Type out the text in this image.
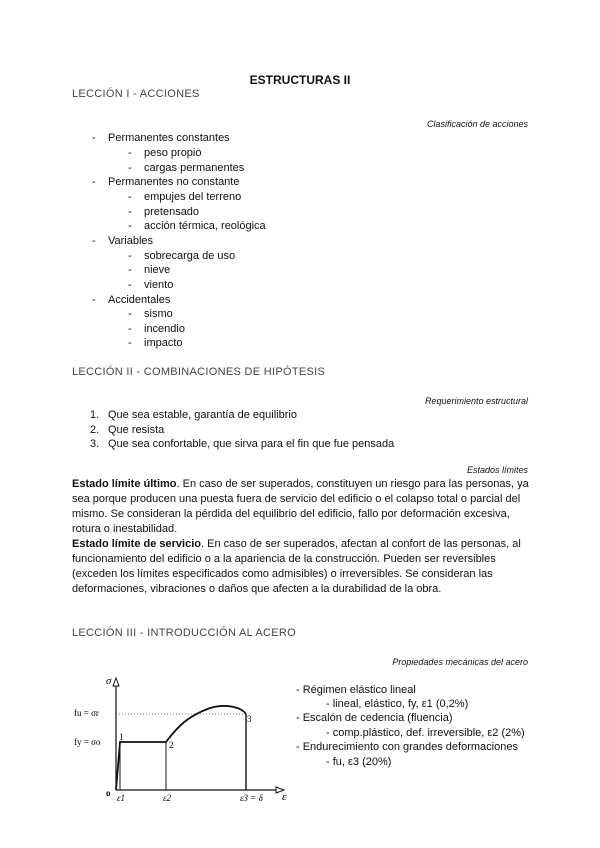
ESTRUCTURAS II
LECCIÓN I - ACCIONES
Clasificación de acciones
- Permanentes constantes
- peso propio
- cargas permanentes
- Permanentes no constante
- empujes del terreno
- pretensado
- acción térmica, reológica
- Variables
- sobrecarga de uso
- nieve
- viento
- Accidentales
- sismo
- incendio
- impacto
LECCIÓN II - COMBINACIONES DE HIPÓTESIS
Requerimiento estructural
1. Que sea estable, garantía de equilibrio
2. Que resista
3. Que sea confortable, que sirva para el fin que fue pensada
Estados límites
Estado límite último. En caso de ser superados, constituyen un riesgo para las personas, ya sea porque producen una puesta fuera de servicio del edificio o el colapso total o parcial del mismo. Se consideran la pérdida del equilibrio del edificio, fallo por deformación excesiva, rotura o inestabilidad.
Estado límite de servicio. En caso de ser superados, afectan al confort de las personas, al funcionamiento del edificio o a la apariencia de la construcción. Pueden ser reversibles (exceden los límites especificados como admisibles) o irreversibles. Se consideran las deformaciones, vibraciones o daños que afecten a la durabilidad de la obra.
LECCIÓN III - INTRODUCCIÓN AL ACERO
Propiedades mecánicas del acero
σ
ε
o
fu = σr
fy = σo 1
2
3
ε1	ε2	ε3 = δ
- Régimen elástico lineal
- lineal, elástico, fy, ε1 (0,2%)
- Escalón de cedencia (fluencia)
- comp.plástico, def. irreversible, ε2 (2%)
- Endurecimiento con grandes deformaciones
- fu, ε3 (20%)
